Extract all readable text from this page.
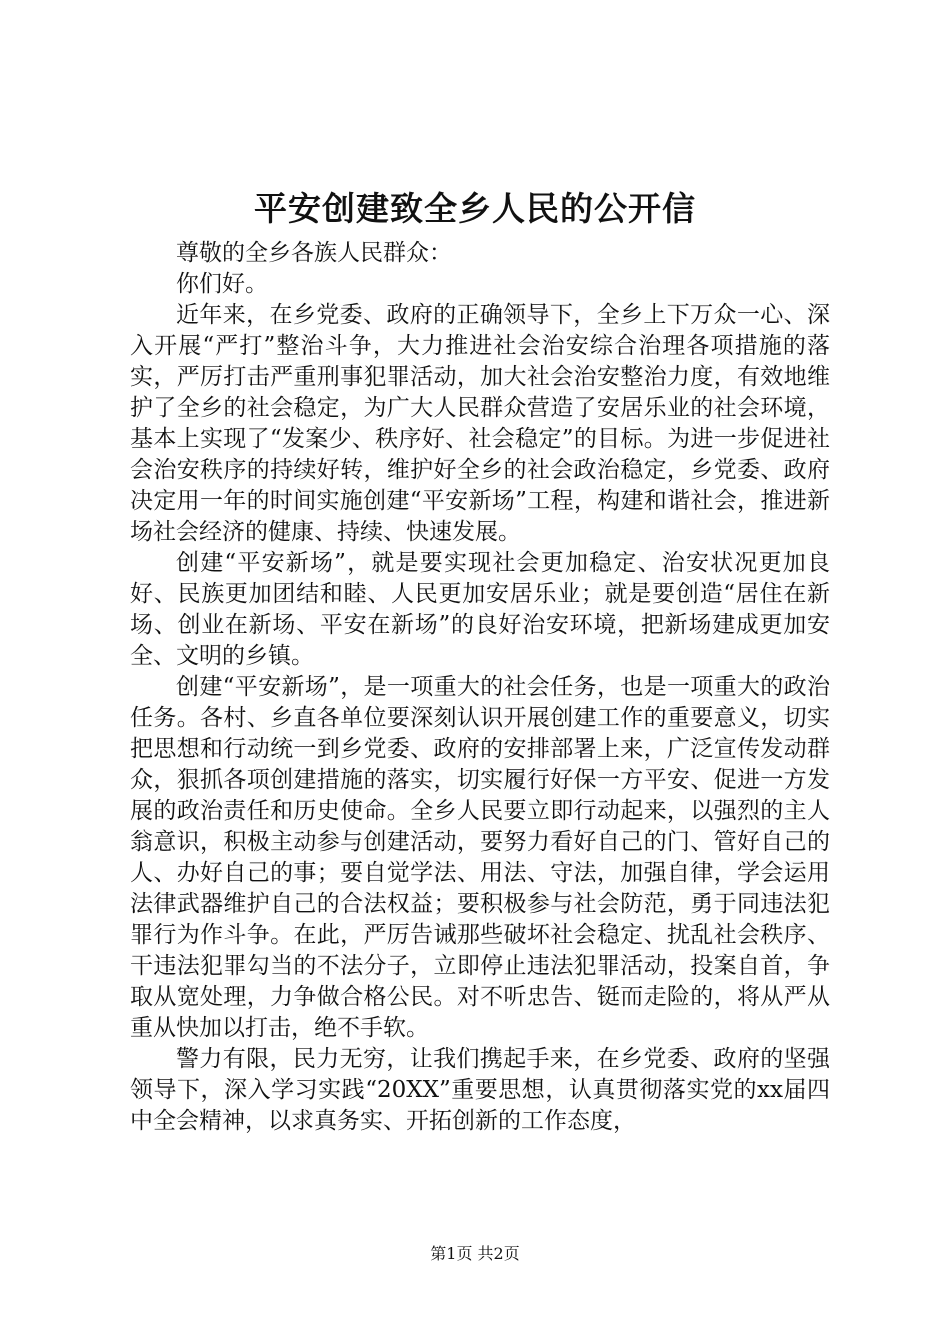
平安创建致全乡人民的公开信

尊敬的全乡各族人民群众：

你们好。

近年来，在乡党委、政府的正确领导下，全乡上下万众一心、深入开展“严打”整治斗争，大力推进社会治安综合治理各项措施的落实，严厉打击严重刑事犯罪活动，加大社会治安整治力度，有效地维护了全乡的社会稳定，为广大人民群众营造了安居乐业的社会环境，基本上实现了“发案少、秩序好、社会稳定”的目标。为进一步促进社会治安秩序的持续好转，维护好全乡的社会政治稳定，乡党委、政府决定用一年的时间实施创建“平安新场”工程，构建和谐社会，推进新场社会经济的健康、持续、快速发展。

创建“平安新场”，就是要实现社会更加稳定、治安状况更加良好、民族更加团结和睦、人民更加安居乐业；就是要创造“居住在新场、创业在新场、平安在新场”的良好治安环境，把新场建成更加安全、文明的乡镇。

创建“平安新场”，是一项重大的社会任务，也是一项重大的政治任务。各村、乡直各单位要深刻认识开展创建工作的重要意义，切实把思想和行动统一到乡党委、政府的安排部署上来，广泛宣传发动群众，狠抓各项创建措施的落实，切实履行好保一方平安、促进一方发展的政治责任和历史使命。全乡人民要立即行动起来，以强烈的主人翁意识，积极主动参与创建活动，要努力看好自己的门、管好自己的人、办好自己的事；要自觉学法、用法、守法，加强自律，学会运用法律武器维护自己的合法权益；要积极参与社会防范，勇于同违法犯罪行为作斗争。在此，严厉告诫那些破坏社会稳定、扰乱社会秩序、干违法犯罪勾当的不法分子，立即停止违法犯罪活动，投案自首，争取从宽处理，力争做合格公民。对不听忠告、铤而走险的，将从严从重从快加以打击，绝不手软。

警力有限，民力无穷，让我们携起手来，在乡党委、政府的坚强领导下，深入学习实践“20XX”重要思想，认真贯彻落实党的xx届四中全会精神，以求真务实、开拓创新的工作态度，

第1页 共2页
